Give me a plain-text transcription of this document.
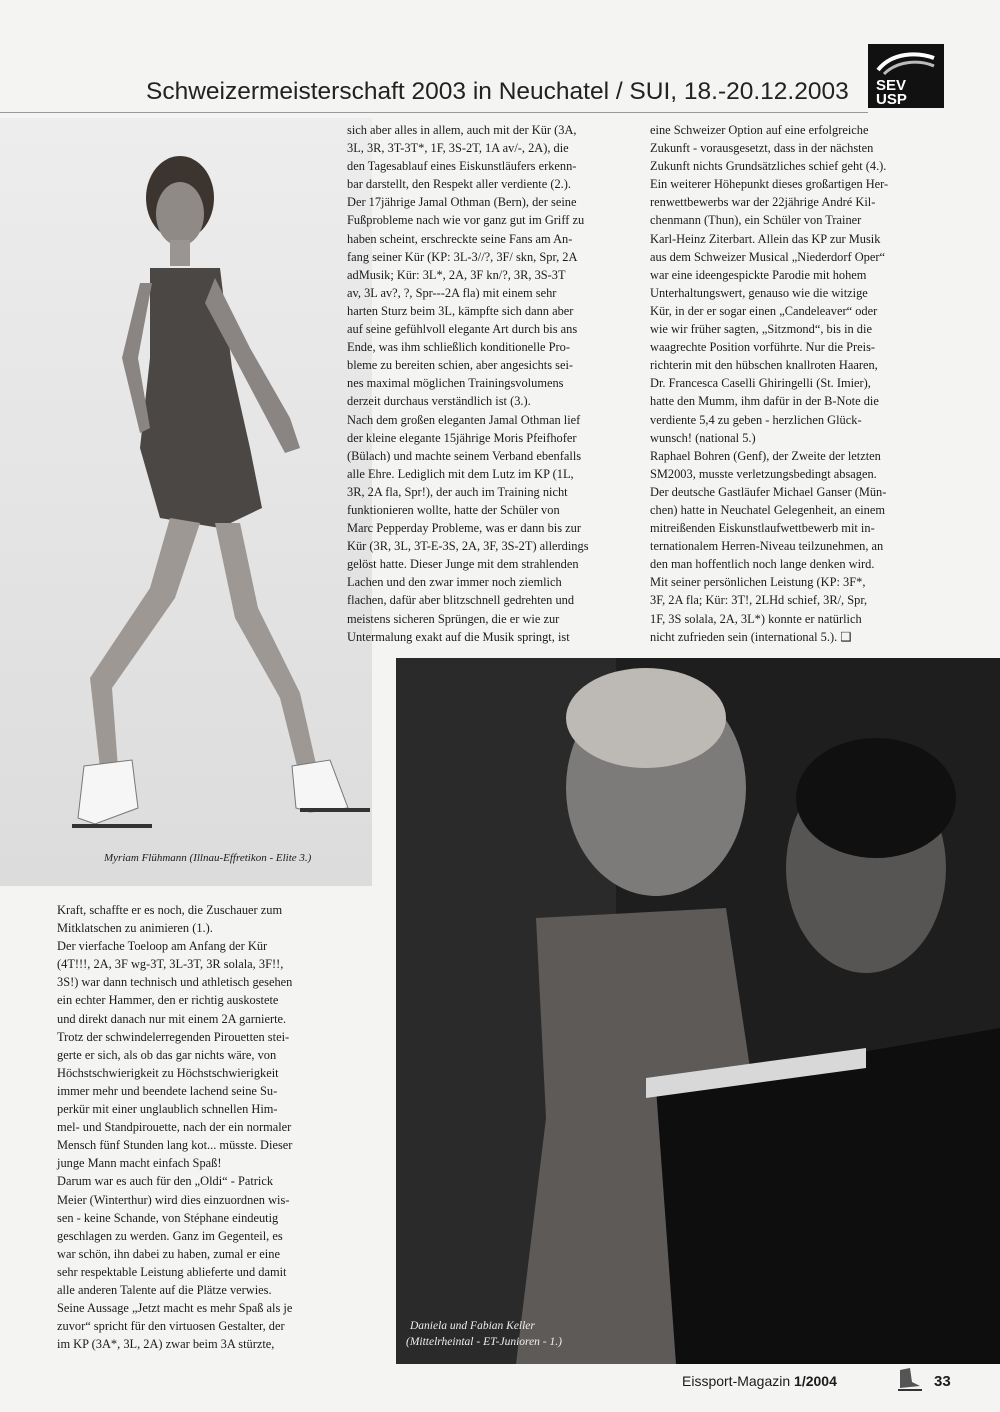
Schweizermeisterschaft 2003 in Neuchatel / SUI, 18.-20.12.2003	SEV
USP
Myriam Flühmann (Illnau-Effretikon - Elite 3.)

sich aber alles in allem, auch mit der Kür (3A,
3L, 3R, 3T-3T*, 1F, 3S-2T, 1A av/-, 2A), die
den Tagesablauf eines Eiskunstläufers erkenn-
bar darstellt, den Respekt aller verdiente (2.).
Der 17jährige Jamal Othman (Bern), der seine
Fußprobleme nach wie vor ganz gut im Griff zu
haben scheint, erschreckte seine Fans am An-
fang seiner Kür (KP: 3L-3//?, 3F/ skn, Spr, 2A
adMusik; Kür: 3L*, 2A, 3F kn/?, 3R, 3S-3T
av, 3L av?, ?, Spr---2A fla) mit einem sehr
harten Sturz beim 3L, kämpfte sich dann aber
auf seine gefühlvoll elegante Art durch bis ans
Ende, was ihm schließlich konditionelle Pro-
bleme zu bereiten schien, aber angesichts sei-
nes maximal möglichen Trainingsvolumens
derzeit durchaus verständlich ist (3.).
Nach dem großen eleganten Jamal Othman lief
der kleine elegante 15jährige Moris Pfeifhofer
(Bülach) und machte seinem Verband ebenfalls
alle Ehre. Lediglich mit dem Lutz im KP (1L,
3R, 2A fla, Spr!), der auch im Training nicht
funktionieren wollte, hatte der Schüler von
Marc Pepperday Probleme, was er dann bis zur
Kür (3R, 3L, 3T-E-3S, 2A, 3F, 3S-2T) allerdings
gelöst hatte. Dieser Junge mit dem strahlenden
Lachen und den zwar immer noch ziemlich
flachen, dafür aber blitzschnell gedrehten und
meistens sicheren Sprüngen, die er wie zur
Untermalung exakt auf die Musik springt, ist

eine Schweizer Option auf eine erfolgreiche
Zukunft - vorausgesetzt, dass in der nächsten
Zukunft nichts Grundsätzliches schief geht (4.).
Ein weiterer Höhepunkt dieses großartigen Her-
renwettbewerbs war der 22jährige André Kil-
chenmann (Thun), ein Schüler von Trainer
Karl-Heinz Ziterbart. Allein das KP zur Musik
aus dem Schweizer Musical „Niederdorf Oper“
war eine ideengespickte Parodie mit hohem
Unterhaltungswert, genauso wie die witzige
Kür, in der er sogar einen „Candeleaver“ oder
wie wir früher sagten, „Sitzmond“, bis in die
waagrechte Position vorführte. Nur die Preis-
richterin mit den hübschen knallroten Haaren,
Dr. Francesca Caselli Ghiringelli (St. Imier),
hatte den Mumm, ihm dafür in der B-Note die
verdiente 5,4 zu geben - herzlichen Glück-
wunsch! (national 5.)
Raphael Bohren (Genf), der Zweite der letzten
SM2003, musste verletzungsbedingt absagen.
Der deutsche Gastläufer Michael Ganser (Mün-
chen) hatte in Neuchatel Gelegenheit, an einem
mitreißenden Eiskunstlaufwettbewerb mit in-
ternationalem Herren-Niveau teilzunehmen, an
den man hoffentlich noch lange denken wird.
Mit seiner persönlichen Leistung (KP: 3F*,
3F, 2A fla; Kür: 3T!, 2LHd schief, 3R/, Spr,
1F, 3S solala, 2A, 3L*) konnte er natürlich
nicht zufrieden sein (international 5.). ❑

Daniela und Fabian Keller
(Mittelrheintal - ET-Junioren - 1.)

Kraft, schaffte er es noch, die Zuschauer zum
Mitklatschen zu animieren (1.).
Der vierfache Toeloop am Anfang der Kür
(4T!!!, 2A, 3F wg-3T, 3L-3T, 3R solala, 3F!!,
3S!) war dann technisch und athletisch gesehen
ein echter Hammer, den er richtig auskostete
und direkt danach nur mit einem 2A garnierte.
Trotz der schwindelerregenden Pirouetten stei-
gerte er sich, als ob das gar nichts wäre, von
Höchstschwierigkeit zu Höchstschwierigkeit
immer mehr und beendete lachend seine Su-
perkür mit einer unglaublich schnellen Him-
mel- und Standpirouette, nach der ein normaler
Mensch fünf Stunden lang kot... müsste. Dieser
junge Mann macht einfach Spaß!
Darum war es auch für den „Oldi“ - Patrick
Meier (Winterthur) wird dies einzuordnen wis-
sen - keine Schande, von Stéphane eindeutig
geschlagen zu werden. Ganz im Gegenteil, es
war schön, ihn dabei zu haben, zumal er eine
sehr respektable Leistung ablieferte und damit
alle anderen Talente auf die Plätze verwies.
Seine Aussage „Jetzt macht es mehr Spaß als je
zuvor“ spricht für den virtuosen Gestalter, der
im KP (3A*, 3L, 2A) zwar beim 3A stürzte,

Eissport-Magazin 1/2004	33
